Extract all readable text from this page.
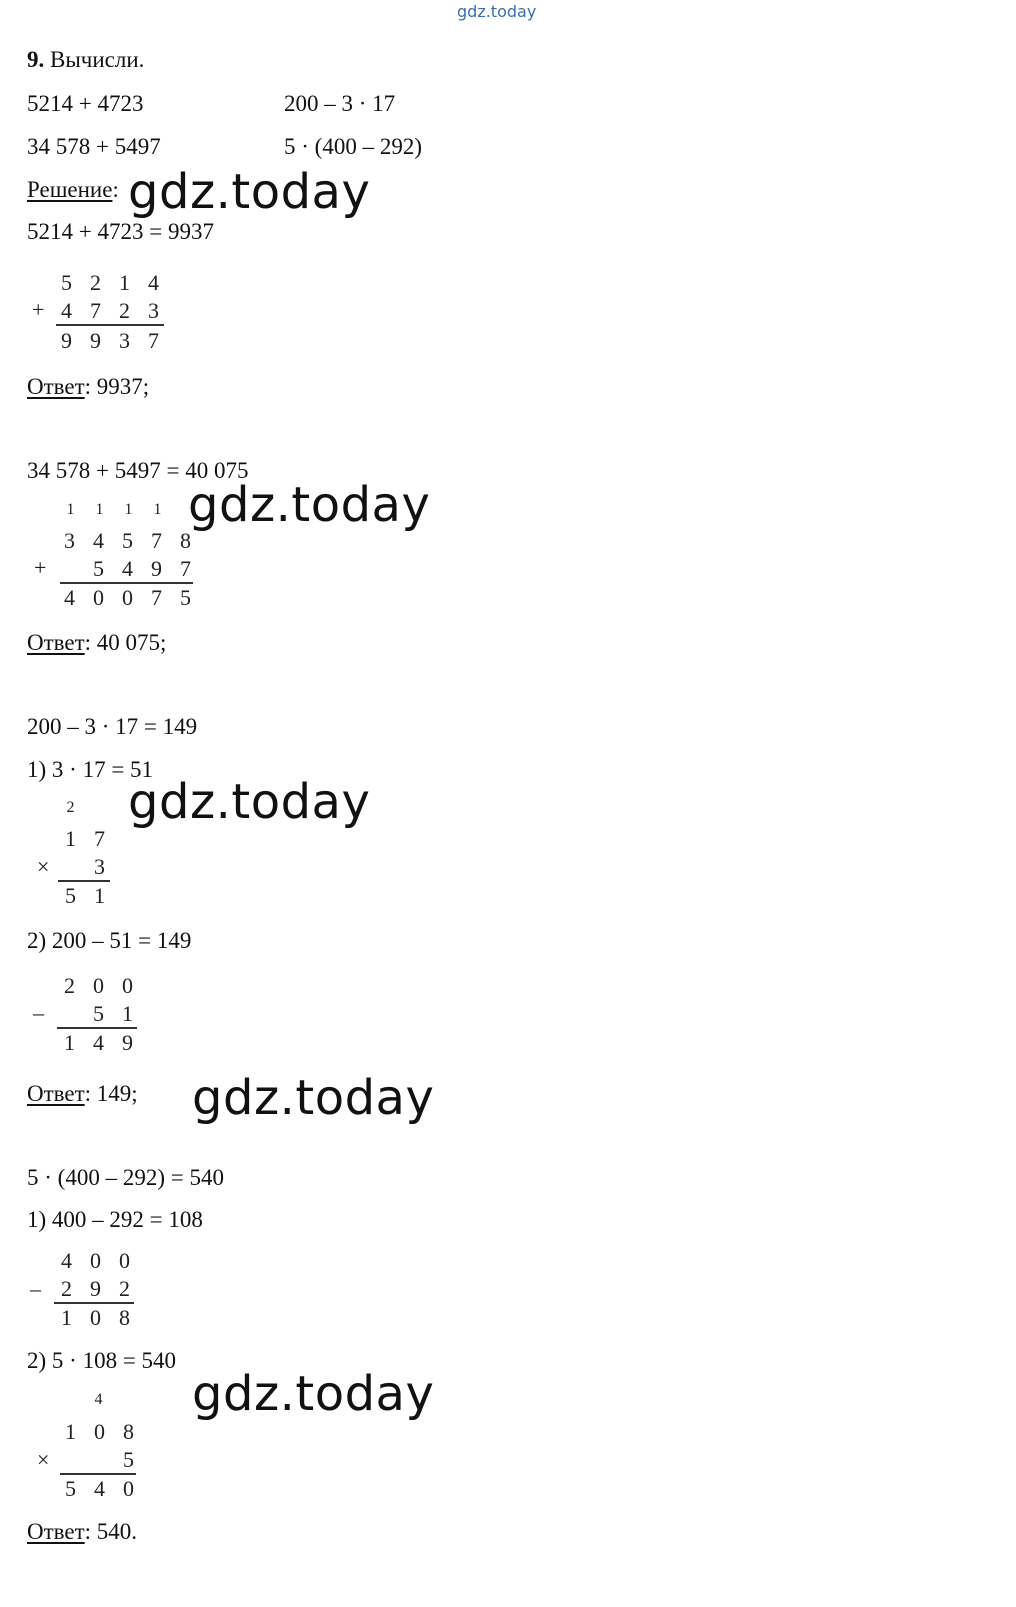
gdz.today
9. Вычисли.
5214 + 4723	200 – 3 · 17
34 578 + 5497	5 · (400 – 292)
Решение: gdz.today
5214 + 4723 = 9937
+
5 2 1 4
4 7 2 3
9 9 3 7
Ответ: 9937;
34 578 + 5497 = 40 075
gdz.today
1	1	1	1
3 4 5 7 8
+	5 4 9 7
4 0 0 7 5
Ответ: 40 075;
200 – 3 · 17 = 149
1) 3 · 17 = 51
gdz.today
2
1 7
×	3
5 1
2) 200 – 51 = 149
2 0 0
–	5 1
1 4 9
Ответ: 149; gdz.today
5 · (400 – 292) = 540
1) 400 – 292 = 108
4 0 0
– 2 9 2
1 0 8
2) 5 · 108 = 540
gdz.today
4
1 0 8
×	5
5 4 0
Ответ: 540.
